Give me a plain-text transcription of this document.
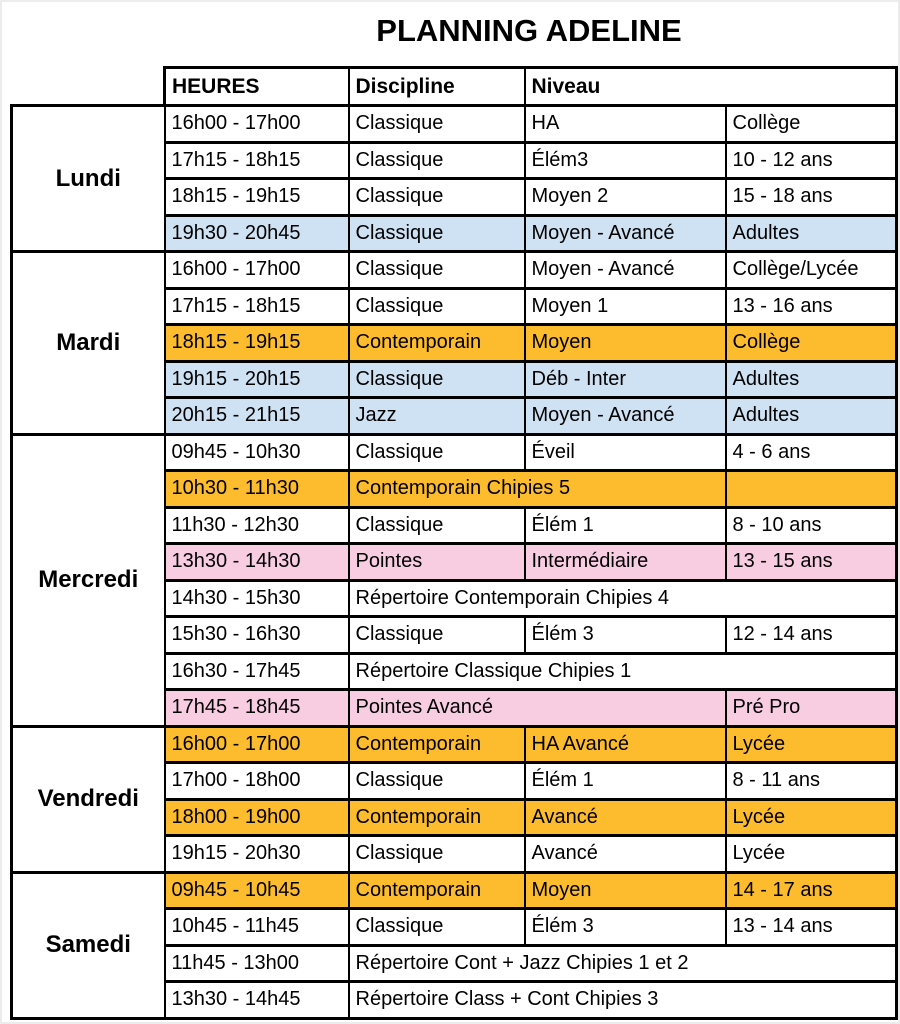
PLANNING ADELINE
	HEURES	Discipline	Niveau	
Lundi	16h00 - 17h00	Classique	HA	Collège
	17h15 - 18h15	Classique	Élém3	10 - 12 ans
	18h15 - 19h15	Classique	Moyen 2	15 - 18 ans
	19h30 - 20h45	Classique	Moyen - Avancé	Adultes
Mardi	16h00 - 17h00	Classique	Moyen - Avancé	Collège/Lycée
	17h15 - 18h15	Classique	Moyen 1	13 - 16 ans
	18h15 - 19h15	Contemporain	Moyen	Collège
	19h15 - 20h15	Classique	Déb - Inter	Adultes
	20h15 - 21h15	Jazz	Moyen - Avancé	Adultes
Mercredi	09h45 - 10h30	Classique	Éveil	4 - 6 ans
	10h30 - 11h30	Contemporain Chipies 5		
	11h30 - 12h30	Classique	Élém 1	8 - 10 ans
	13h30 - 14h30	Pointes	Intermédiaire	13 - 15 ans
	14h30 - 15h30	Répertoire Contemporain Chipies 4		
	15h30 - 16h30	Classique	Élém 3	12 - 14 ans
	16h30 - 17h45	Répertoire Classique Chipies 1		
	17h45 - 18h45	Pointes Avancé		Pré Pro
Vendredi	16h00 - 17h00	Contemporain	HA Avancé	Lycée
	17h00 - 18h00	Classique	Élém 1	8 - 11 ans
	18h00 - 19h00	Contemporain	Avancé	Lycée
	19h15 - 20h30	Classique	Avancé	Lycée
Samedi	09h45 - 10h45	Contemporain	Moyen	14 - 17 ans
	10h45 - 11h45	Classique	Élém 3	13 - 14 ans
	11h45 - 13h00	Répertoire Cont + Jazz Chipies 1 et 2		
	13h30 - 14h45	Répertoire Class + Cont Chipies 3		
